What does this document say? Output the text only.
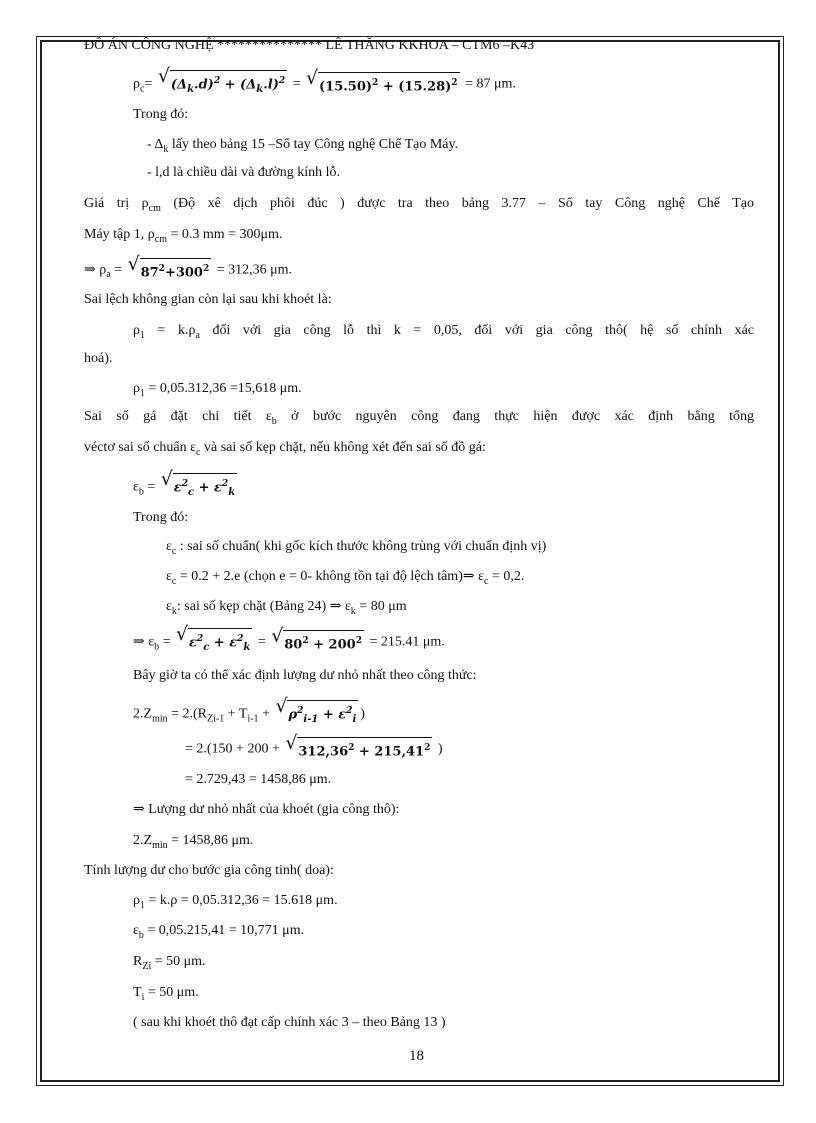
ĐỒ ÁN CÔNG NGHỆ *************** LÊ THĂNG KKHOA – CTM6 –K43
$\rho_c=$ √ $(\Delta_k.d)^2 + (\Delta_k.l)^2$ = √ $(15.50)^2 + (15.28)^2 = 87$ μm.
Trong đó:
- $\Delta_k$ lấy theo bảng 15 –Sổ tay Công nghệ Chế Tạo Máy.
- l,d là chiều dài và đường kính lỗ.
Giá trị $\rho_{cm}$ (Độ xê dịch phôi đúc ) được tra theo bảng 3.77 – Sổ tay Công nghệ Chế Tạo
Máy tập 1, $\rho_{cm} = 0.3$ mm = 300μm.
⇒ $\rho_a$ = √ $87^2+300^2 = 312,36$ μm.
Sai lệch không gian còn lại sau khi khoét là:
$\rho_1 = k.\rho_a$ đối với gia công lỗ thì k = 0,05, đối với gia công thô( hệ số chính xác
hoá).
$\rho_1 = 0,05.312,36 =15,618$ μm.
Sai số gá đặt chi tiết $\varepsilon_b$ ở bước nguyên công đang thực hiện được xác định bằng tổng
véctơ sai số chuẩn $\varepsilon_c$ và sai số kẹp chặt, nếu không xét đến sai số đồ gá:
$\varepsilon_b$ = √ $\varepsilon^2_c + \varepsilon^2_k$
Trong đó:
$\varepsilon_c$ : sai số chuẩn( khi gốc kích thước không trùng với chuẩn định vị)
$\varepsilon_c = 0.2 + 2.e$ (chọn e = 0- không tồn tại độ lệch tâm)⇒ $\varepsilon_c = 0,2$.
$\varepsilon_k$: sai số kẹp chặt (Bảng 24) ⇒ $\varepsilon_k = 80$ μm
⇒ $\varepsilon_b$ = √ $\varepsilon^2_c + \varepsilon^2_k$ = √ $80^2 + 200^2 = 215.41$ μm.
Bây giờ ta có thể xác định lượng dư nhỏ nhất theo công thức:
$2.Z_{min} = 2.(R_{Zi-1} + T_{i-1}$ + √ $\rho^2_{i-1} + \varepsilon^2_i$ )
= 2.(150 + 200 + √ $312,36^2 + 215,41^2$ )
= 2.729,43 = 1458,86 μm.
⇒ Lượng dư nhỏ nhất của khoét (gia công thô):
$2.Z_{min} = 1458,86$ μm.
Tính lượng dư cho bước gia công tinh( doa):
$\rho_1 = k.\rho = 0,05.312,36 = 15.618$ μm.
$\varepsilon_b = 0,05.215,41 = 10,771$ μm.
$R_{Zi} = 50$ μm.
$T_i = 50$ μm.
( sau khi khoét thô đạt cấp chính xác 3 – theo Bảng 13 )
18
